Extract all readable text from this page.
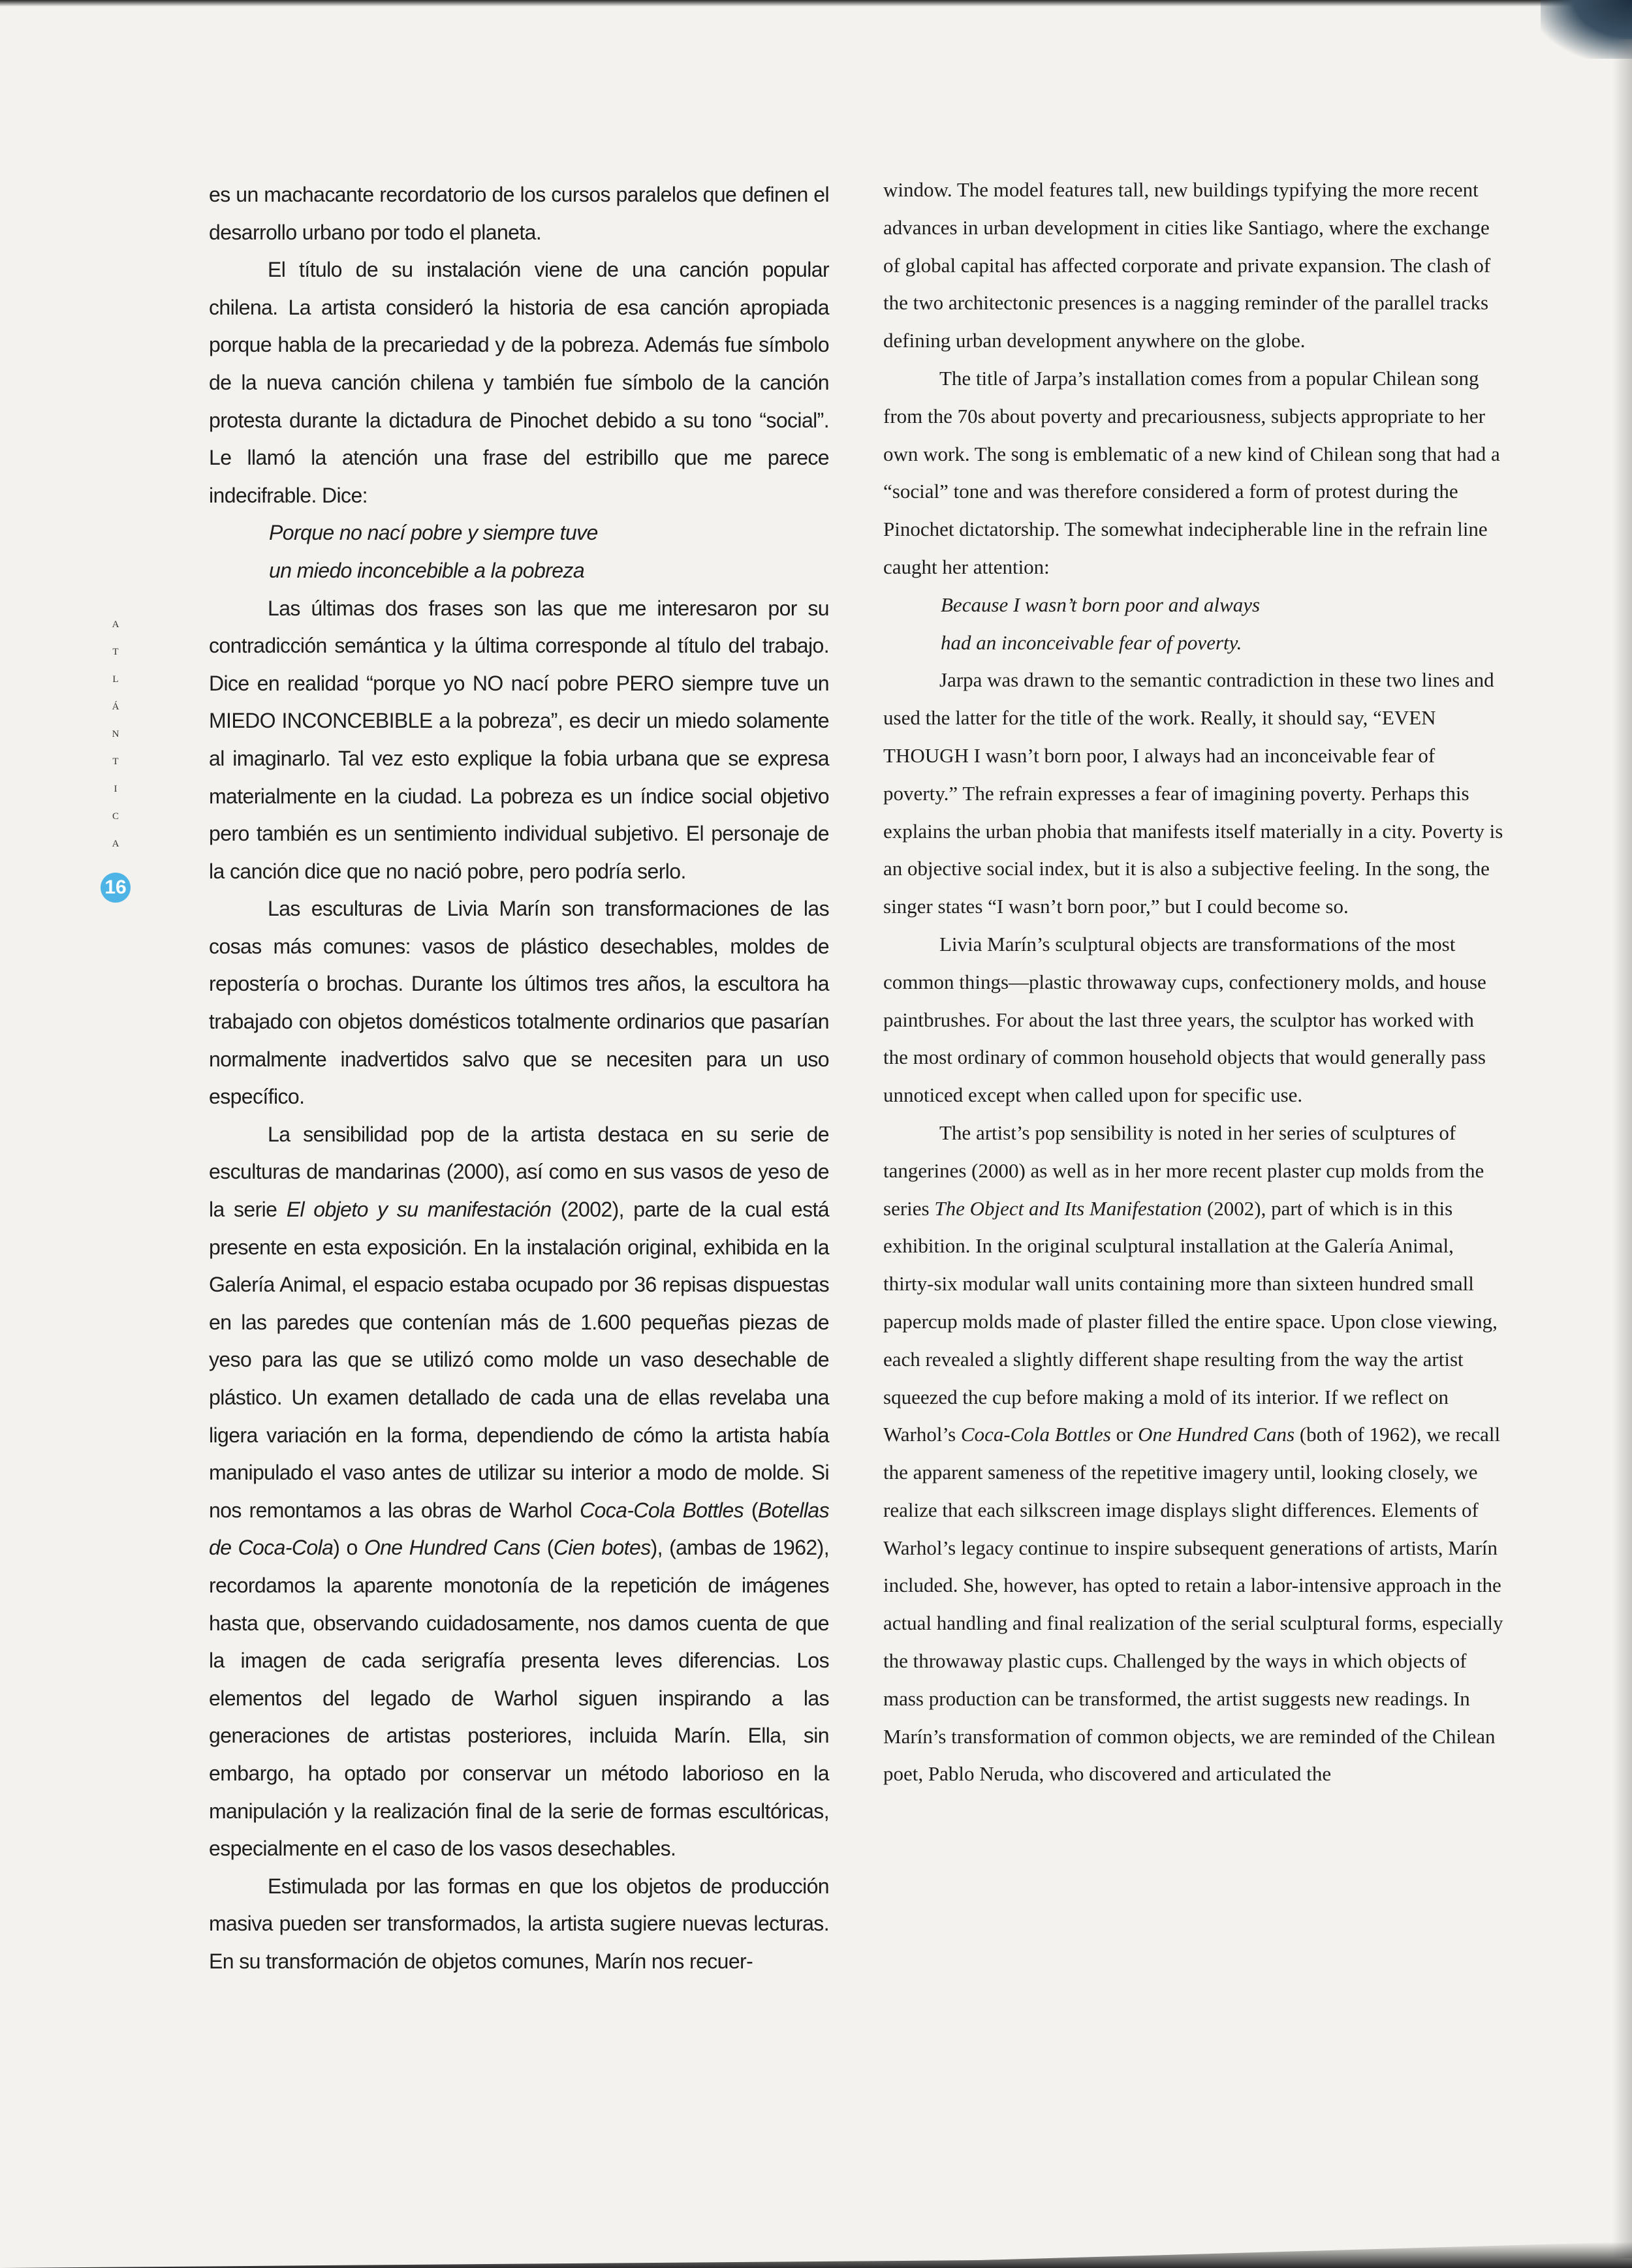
A
T
L
Á
N
T
I
C
A
16

es un machacante recordatorio de los cursos paralelos que definen el desarrollo urbano por todo el planeta.

El título de su instalación viene de una canción popular chilena. La artista consideró la historia de esa canción apropiada porque habla de la precariedad y de la pobreza. Además fue símbolo de la nueva canción chilena y también fue símbolo de la canción protesta durante la dictadura de Pinochet debido a su tono “social”. Le llamó la atención una frase del estribillo que me parece indecifrable. Dice:

Porque no nací pobre y siempre tuve

un miedo inconcebible a la pobreza

Las últimas dos frases son las que me interesaron por su contradicción semántica y la última corresponde al título del trabajo. Dice en realidad “porque yo NO nací pobre PERO siempre tuve un MIEDO INCONCEBIBLE a la pobreza”, es decir un miedo solamente al imaginarlo. Tal vez esto explique la fobia urbana que se expresa materialmente en la ciudad. La pobreza es un índice social objetivo pero también es un sentimiento individual subjetivo. El personaje de la canción dice que no nació pobre, pero podría serlo.

Las esculturas de Livia Marín son transformaciones de las cosas más comunes: vasos de plástico desechables, moldes de repostería o brochas. Durante los últimos tres años, la escultora ha trabajado con objetos domésticos totalmente ordinarios que pasarían normalmente inadvertidos salvo que se necesiten para un uso específico.

La sensibilidad pop de la artista destaca en su serie de esculturas de mandarinas (2000), así como en sus vasos de yeso de la serie El objeto y su manifestación (2002), parte de la cual está presente en esta exposición. En la instalación original, exhibida en la Galería Animal, el espacio estaba ocupado por 36 repisas dispuestas en las paredes que contenían más de 1.600 pequeñas piezas de yeso para las que se utilizó como molde un vaso desechable de plástico. Un examen detallado de cada una de ellas revelaba una ligera variación en la forma, dependiendo de cómo la artista había manipulado el vaso antes de utilizar su interior a modo de molde. Si nos remontamos a las obras de Warhol Coca-Cola Bottles (Botellas de Coca-Cola) o One Hundred Cans (Cien botes), (ambas de 1962), recordamos la aparente monotonía de la repetición de imágenes hasta que, observando cuidadosamente, nos damos cuenta de que la imagen de cada serigrafía presenta leves diferencias. Los elementos del legado de Warhol siguen inspirando a las generaciones de artistas posteriores, incluida Marín. Ella, sin embargo, ha optado por conservar un método laborioso en la manipulación y la realización final de la serie de formas escultóricas, especialmente en el caso de los vasos desechables.

Estimulada por las formas en que los objetos de producción masiva pueden ser transformados, la artista sugiere nuevas lecturas. En su transformación de objetos comunes, Marín nos recuer-

window. The model features tall, new buildings typifying the more recent advances in urban development in cities like Santiago, where the exchange of global capital has affected corporate and private expansion. The clash of the two architectonic presences is a nagging reminder of the parallel tracks defining urban development anywhere on the globe.

The title of Jarpa’s installation comes from a popular Chilean song from the 70s about poverty and precariousness, subjects appropriate to her own work. The song is emblematic of a new kind of Chilean song that had a “social” tone and was therefore considered a form of protest during the Pinochet dictatorship. The somewhat indecipherable line in the refrain line caught her attention:

Because I wasn’t born poor and always

had an inconceivable fear of poverty.

Jarpa was drawn to the semantic contradiction in these two lines and used the latter for the title of the work. Really, it should say, “EVEN THOUGH I wasn’t born poor, I always had an inconceivable fear of poverty.” The refrain expresses a fear of imagining poverty. Perhaps this explains the urban phobia that manifests itself materially in a city. Poverty is an objective social index, but it is also a subjective feeling. In the song, the singer states “I wasn’t born poor,” but I could become so.

Livia Marín’s sculptural objects are transformations of the most common things—plastic throwaway cups, confectionery molds, and house paintbrushes. For about the last three years, the sculptor has worked with the most ordinary of common household objects that would generally pass unnoticed except when called upon for specific use.

The artist’s pop sensibility is noted in her series of sculptures of tangerines (2000) as well as in her more recent plaster cup molds from the series The Object and Its Manifestation (2002), part of which is in this exhibition. In the original sculptural installation at the Galería Animal, thirty-six modular wall units containing more than sixteen hundred small papercup molds made of plaster filled the entire space. Upon close viewing, each revealed a slightly different shape resulting from the way the artist squeezed the cup before making a mold of its interior. If we reflect on Warhol’s Coca-Cola Bottles or One Hundred Cans (both of 1962), we recall the apparent sameness of the repetitive imagery until, looking closely, we realize that each silkscreen image displays slight differences. Elements of Warhol’s legacy continue to inspire subsequent generations of artists, Marín included. She, however, has opted to retain a labor-intensive approach in the actual handling and final realization of the serial sculptural forms, especially the throwaway plastic cups. Challenged by the ways in which objects of mass production can be transformed, the artist suggests new readings. In Marín’s transformation of common objects, we are reminded of the Chilean poet, Pablo Neruda, who discovered and articulated the
